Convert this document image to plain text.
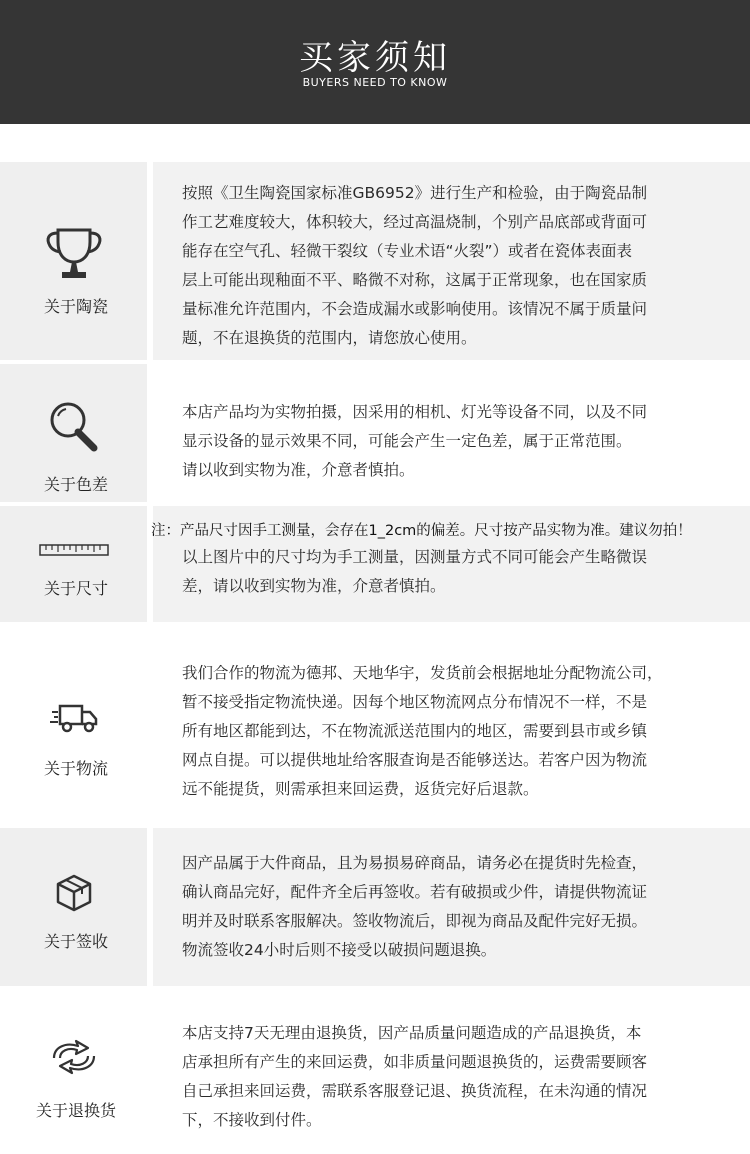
买家须知
BUYERS NEED TO KNOW
关于陶瓷

按照《卫生陶瓷国家标准GB6952》进行生产和检验，由于陶瓷品制

作工艺难度较大，体积较大，经过高温烧制，个别产品底部或背面可

能存在空气孔、轻微干裂纹（专业术语“火裂”）或者在瓷体表面表

层上可能出现釉面不平、略微不对称，这属于正常现象，也在国家质

量标准允许范围内，不会造成漏水或影响使用。该情况不属于质量问

题，不在退换货的范围内，请您放心使用。

关于色差

本店产品均为实物拍摄，因采用的相机、灯光等设备不同，以及不同

显示设备的显示效果不同，可能会产生一定色差，属于正常范围。

请以收到实物为准，介意者慎拍。

关于尺寸
注：产品尺寸因手工测量，会存在1_2cm的偏差。尺寸按产品实物为准。建议勿拍！

以上图片中的尺寸均为手工测量，因测量方式不同可能会产生略微误

差，请以收到实物为准，介意者慎拍。

关于物流

我们合作的物流为德邦、天地华宇，发货前会根据地址分配物流公司，

暂不接受指定物流快递。因每个地区物流网点分布情况不一样，不是

所有地区都能到达，不在物流派送范围内的地区，需要到县市或乡镇

网点自提。可以提供地址给客服查询是否能够送达。若客户因为物流

远不能提货，则需承担来回运费，返货完好后退款。

关于签收

因产品属于大件商品，且为易损易碎商品，请务必在提货时先检查，

确认商品完好，配件齐全后再签收。若有破损或少件，请提供物流证

明并及时联系客服解决。签收物流后，即视为商品及配件完好无损。

物流签收24小时后则不接受以破损问题退换。

关于退换货

本店支持7天无理由退换货，因产品质量问题造成的产品退换货，本

店承担所有产生的来回运费，如非质量问题退换货的，运费需要顾客

自己承担来回运费，需联系客服登记退、换货流程，在未沟通的情况

下，不接收到付件。
